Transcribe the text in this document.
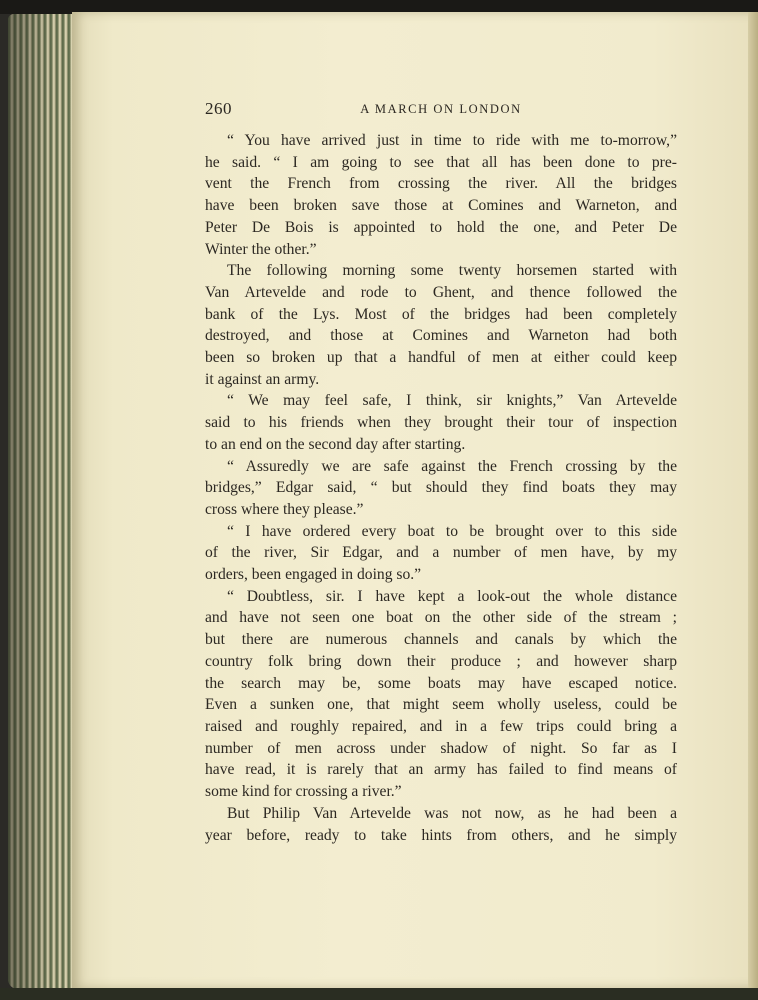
260	A MARCH ON LONDON
“ You have arrived just in time to ride with me to-morrow,”
he said. “ I am going to see that all has been done to pre-
vent the French from crossing the river. All the bridges
have been broken save those at Comines and Warneton, and
Peter De Bois is appointed to hold the one, and Peter De
Winter the other.”
The following morning some twenty horsemen started with
Van Artevelde and rode to Ghent, and thence followed the
bank of the Lys. Most of the bridges had been completely
destroyed, and those at Comines and Warneton had both
been so broken up that a handful of men at either could keep
it against an army.
“ We may feel safe, I think, sir knights,” Van Artevelde
said to his friends when they brought their tour of inspection
to an end on the second day after starting.
“ Assuredly we are safe against the French crossing by the
bridges,” Edgar said, “ but should they find boats they may
cross where they please.”
“ I have ordered every boat to be brought over to this side
of the river, Sir Edgar, and a number of men have, by my
orders, been engaged in doing so.”
“ Doubtless, sir. I have kept a look-out the whole distance
and have not seen one boat on the other side of the stream ;
but there are numerous channels and canals by which the
country folk bring down their produce ; and however sharp
the search may be, some boats may have escaped notice.
Even a sunken one, that might seem wholly useless, could be
raised and roughly repaired, and in a few trips could bring a
number of men across under shadow of night. So far as I
have read, it is rarely that an army has failed to find means of
some kind for crossing a river.”
But Philip Van Artevelde was not now, as he had been a
year before, ready to take hints from others, and he simply
